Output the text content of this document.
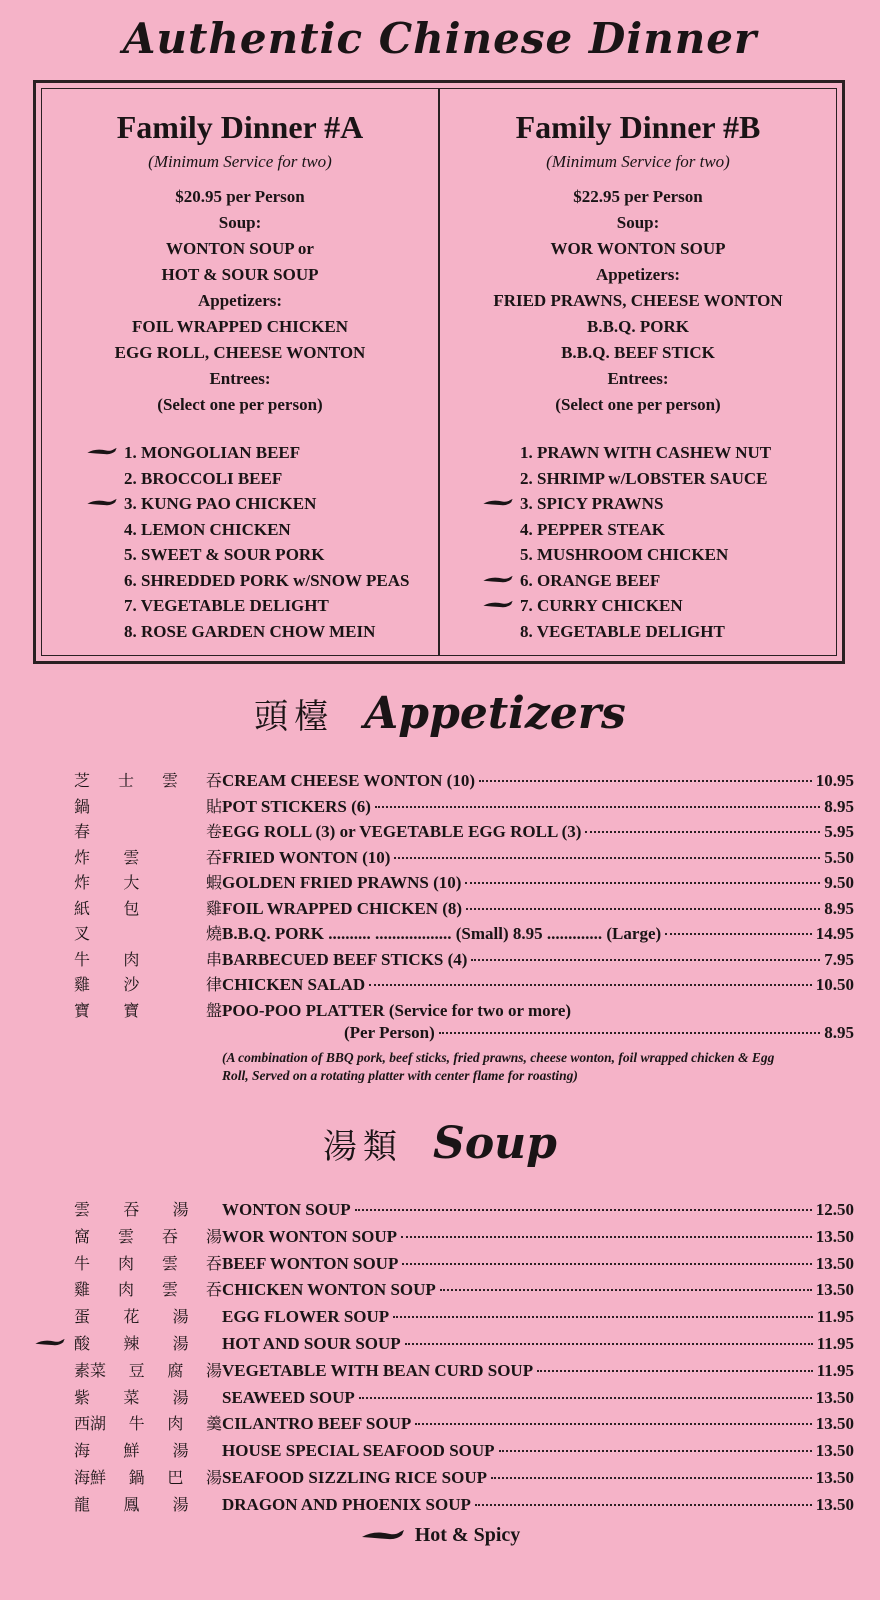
Authentic Chinese Dinner
Family Dinner #A
(Minimum Service for two)
$20.95 per Person
Soup:
WONTON SOUP or
HOT & SOUR SOUP
Appetizers:
FOIL WRAPPED CHICKEN
EGG ROLL, CHEESE WONTON
Entrees:
(Select one per person)
1. MONGOLIAN BEEF
2. BROCCOLI BEEF
3. KUNG PAO CHICKEN
4. LEMON CHICKEN
5. SWEET & SOUR PORK
6. SHREDDED PORK w/SNOW PEAS
7. VEGETABLE DELIGHT
8. ROSE GARDEN CHOW MEIN
Family Dinner #B
(Minimum Service for two)
$22.95 per Person
Soup:
WOR WONTON SOUP
Appetizers:
FRIED PRAWNS, CHEESE WONTON
B.B.Q. PORK
B.B.Q. BEEF STICK
Entrees:
(Select one per person)
1. PRAWN WITH CASHEW NUT
2. SHRIMP w/LOBSTER SAUCE
3. SPICY PRAWNS
4. PEPPER STEAK
5. MUSHROOM CHICKEN
6. ORANGE BEEF
7. CURRY CHICKEN
8. VEGETABLE DELIGHT
頭檯 Appetizers
芝 士 雲 吞 CREAM CHEESE WONTON (10)	10.95
鍋	貼 POT STICKERS (6)	8.95
春	卷 EGG ROLL (3) or VEGETABLE EGG ROLL (3)	5.95
炸 雲	吞 FRIED WONTON (10)	5.50
炸 大	蝦 GOLDEN FRIED PRAWNS (10)	9.50
紙 包	雞 FOIL WRAPPED CHICKEN (8)	8.95
叉	燒 B.B.Q. PORK .......... .................. (Small) 8.95 ............. (Large)	14.95
牛 肉	串 BARBECUED BEEF STICKS (4)	7.95
雞 沙	律 CHICKEN SALAD	10.50
寶 寶	盤 POO-POO PLATTER (Service for two or more)
(Per Person)	8.95
(A combination of BBQ pork, beef sticks, fried prawns, cheese wonton, foil wrapped chicken & Egg Roll, Served on a rotating platter with center flame for roasting)
湯類 Soup
雲 吞 湯 WONTON SOUP	12.50
窩 雲 吞 湯 WOR WONTON SOUP	13.50
牛 肉 雲 吞 BEEF WONTON SOUP	13.50
雞 肉 雲 吞 CHICKEN WONTON SOUP	13.50
蛋 花 湯 EGG FLOWER SOUP	11.95
酸 辣 湯 HOT AND SOUR SOUP	11.95
素菜 豆 腐 湯 VEGETABLE WITH BEAN CURD SOUP	11.95
紫 菜 湯 SEAWEED SOUP	13.50
西湖 牛 肉 羹 CILANTRO BEEF SOUP	13.50
海 鮮 湯 HOUSE SPECIAL SEAFOOD SOUP	13.50
海鮮 鍋 巴 湯 SEAFOOD SIZZLING RICE SOUP	13.50
龍 鳳 湯 DRAGON AND PHOENIX SOUP	13.50
Hot & Spicy
